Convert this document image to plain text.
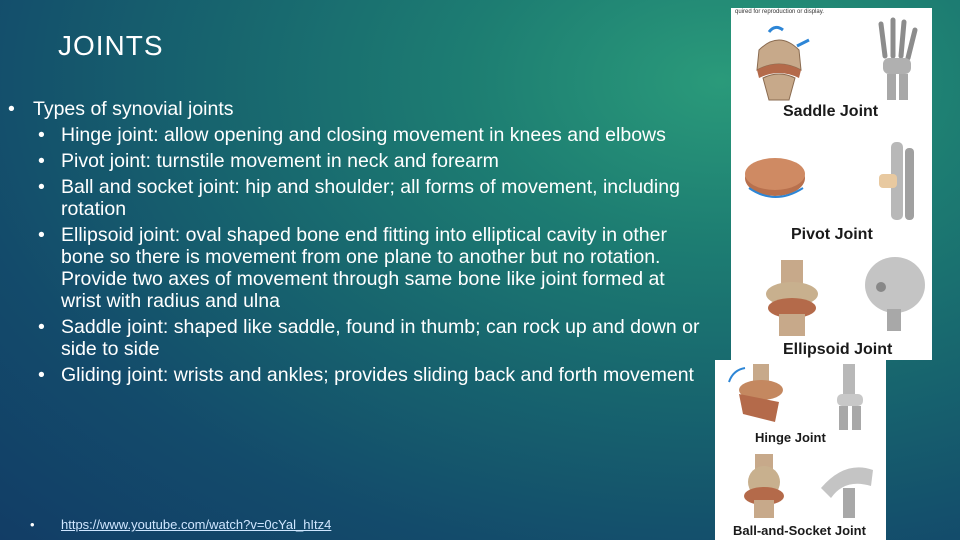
JOINTS
• Types of synovial joints
• Hinge joint: allow opening and closing movement in knees and elbows
• Pivot joint: turnstile movement in neck and forearm
• Ball and socket joint: hip and shoulder; all forms of movement, including rotation
• Ellipsoid joint: oval shaped bone end fitting into elliptical cavity in other bone so there is movement from one plane to another but no rotation. Provide two axes of movement through same bone like joint formed at wrist with radius and ulna
• Saddle joint: shaped like saddle, found in thumb; can rock up and down or side to side
• Gliding joint: wrists and ankles; provides sliding back and forth movement
• https://www.youtube.com/watch?v=0cYal_hItz4
quired for reproduction or display.
Saddle Joint
Pivot Joint
Ellipsoid Joint
Hinge Joint
Ball-and-Socket Joint
